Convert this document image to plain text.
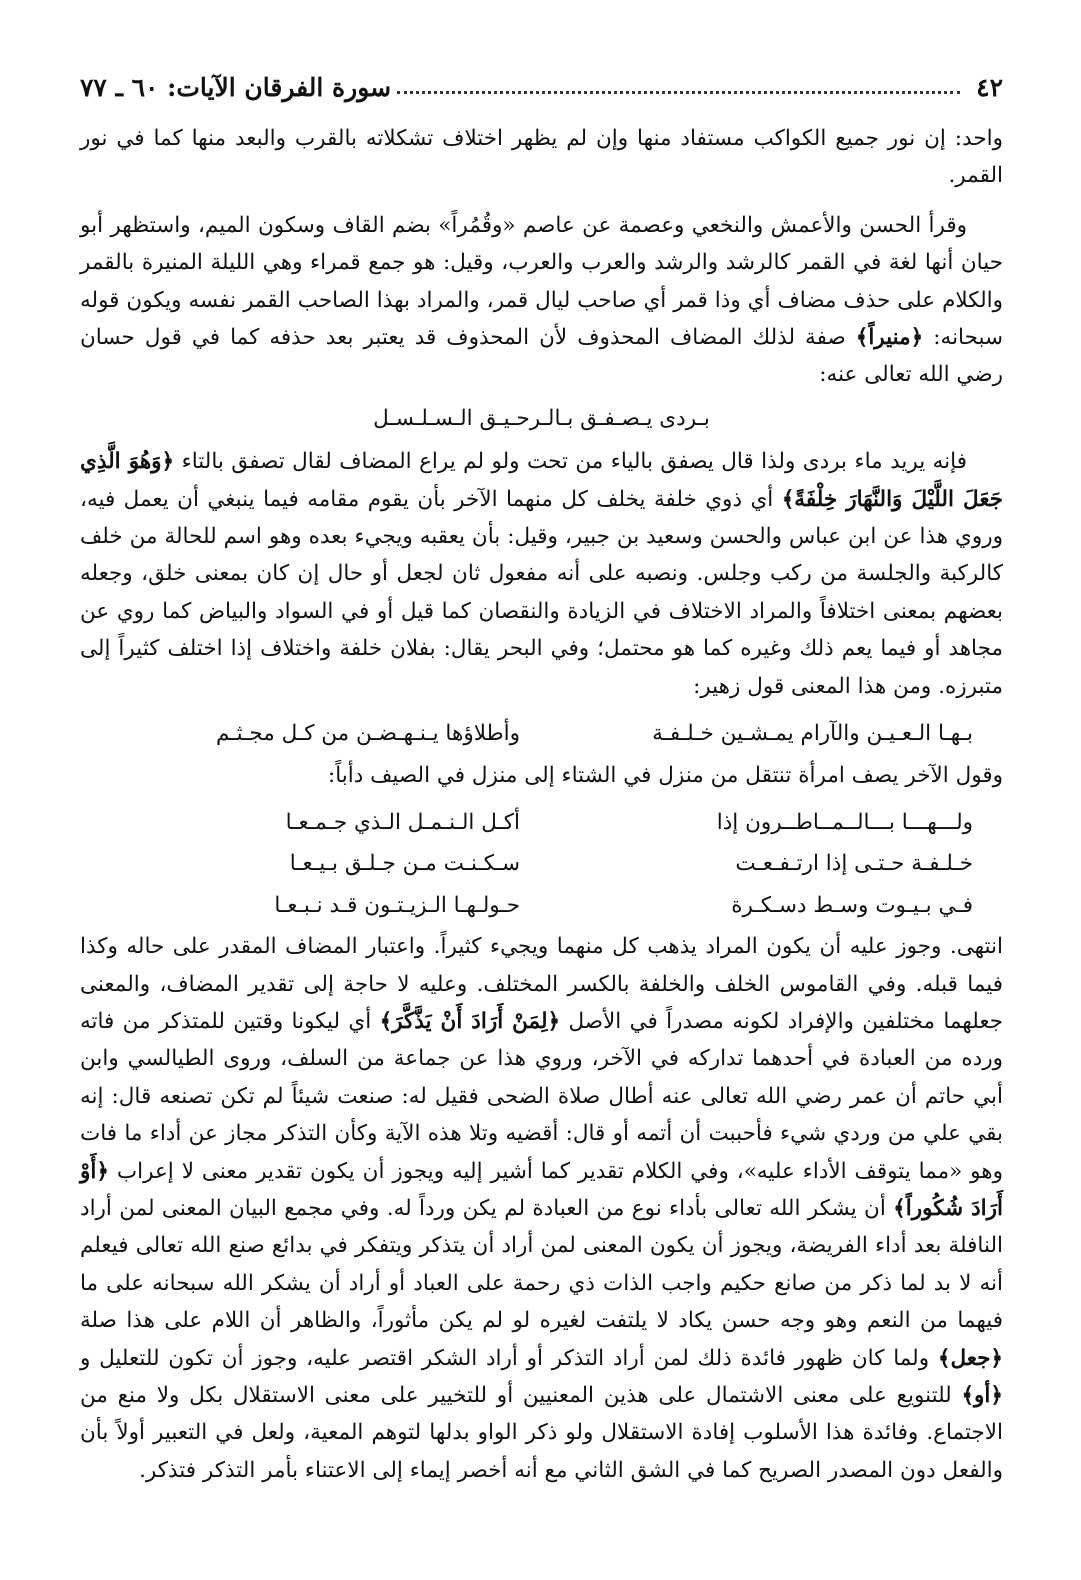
٤٢
سورة الفرقان الآيات: ٦٠ ـ ٧٧

واحد: إن نور جميع الكواكب مستفاد منها وإن لم يظهر اختلاف تشكلاته بالقرب والبعد منها كما في نور القمر.

وقرأ الحسن والأعمش والنخعي وعصمة عن عاصم «وقُمُراً» بضم القاف وسكون الميم، واستظهر أبو حيان أنها لغة في القمر كالرشد والرشد والعرب والعرب، وقيل: هو جمع قمراء وهي الليلة المنيرة بالقمر والكلام على حذف مضاف أي وذا قمر أي صاحب ليال قمر، والمراد بهذا الصاحب القمر نفسه ويكون قوله سبحانه: ﴿منيراً﴾ صفة لذلك المضاف المحذوف لأن المحذوف قد يعتبر بعد حذفه كما في قول حسان رضي الله تعالى عنه:

بـردى يـصـفـق بـالـرحـيـق الـسـلـسـل

فإنه يريد ماء بردى ولذا قال يصفق بالياء من تحت ولو لم يراع المضاف لقال تصفق بالتاء ﴿وَهُوَ الَّذِي جَعَلَ اللَّيْلَ وَالنَّهَارَ خِلْفَةً﴾ أي ذوي خلفة يخلف كل منهما الآخر بأن يقوم مقامه فيما ينبغي أن يعمل فيه، وروي هذا عن ابن عباس والحسن وسعيد بن جبير، وقيل: بأن يعقبه ويجيء بعده وهو اسم للحالة من خلف كالركبة والجلسة من ركب وجلس. ونصبه على أنه مفعول ثان لجعل أو حال إن كان بمعنى خلق، وجعله بعضهم بمعنى اختلافاً والمراد الاختلاف في الزيادة والنقصان كما قيل أو في السواد والبياض كما روي عن مجاهد أو فيما يعم ذلك وغيره كما هو محتمل؛ وفي البحر يقال: بفلان خلفة واختلاف إذا اختلف كثيراً إلى متبرزه. ومن هذا المعنى قول زهير:

بـهـا الـعـيـن والآرام يمـشـين خـلـفـة
وأطلاؤها يـنـهـضـن من كـل مجـثـم

وقول الآخر يصف امرأة تنتقل من منزل في الشتاء إلى منزل في الصيف دأباً:

ولـــهـــا بـــالــمــاطــرون إذا
أكـل الـنـمـل الـذي جـمـعـا
خـلـفـة حـتـى إذا ارتـفـعـت
سـكـنـت مـن جـلـق بـيـعـا
فـي بـيـوت وسـط دسـكـرة
حـولـهـا الـزيـتـون قـد نـبـعـا

انتهى. وجوز عليه أن يكون المراد يذهب كل منهما ويجيء كثيراً. واعتبار المضاف المقدر على حاله وكذا فيما قبله. وفي القاموس الخلف والخلفة بالكسر المختلف. وعليه لا حاجة إلى تقدير المضاف، والمعنى جعلهما مختلفين والإفراد لكونه مصدراً في الأصل ﴿لِمَنْ أَرَادَ أَنْ يَذَّكَّرَ﴾ أي ليكونا وقتين للمتذكر من فاته ورده من العبادة في أحدهما تداركه في الآخر، وروي هذا عن جماعة من السلف، وروى الطيالسي وابن أبي حاتم أن عمر رضي الله تعالى عنه أطال صلاة الضحى فقيل له: صنعت شيئاً لم تكن تصنعه قال: إنه بقي علي من وردي شيء فأحببت أن أتمه أو قال: أقضيه وتلا هذه الآية وكأن التذكر مجاز عن أداء ما فات وهو «مما يتوقف الأداء عليه»، وفي الكلام تقدير كما أشير إليه ويجوز أن يكون تقدير معنى لا إعراب ﴿أَوْ أَرَادَ شُكُوراً﴾ أن يشكر الله تعالى بأداء نوع من العبادة لم يكن ورداً له. وفي مجمع البيان المعنى لمن أراد النافلة بعد أداء الفريضة، ويجوز أن يكون المعنى لمن أراد أن يتذكر ويتفكر في بدائع صنع الله تعالى فيعلم أنه لا بد لما ذكر من صانع حكيم واجب الذات ذي رحمة على العباد أو أراد أن يشكر الله سبحانه على ما فيهما من النعم وهو وجه حسن يكاد لا يلتفت لغيره لو لم يكن مأثوراً، والظاهر أن اللام على هذا صلة ﴿جعل﴾ ولما كان ظهور فائدة ذلك لمن أراد التذكر أو أراد الشكر اقتصر عليه، وجوز أن تكون للتعليل و ﴿أو﴾ للتنويع على معنى الاشتمال على هذين المعنيين أو للتخيير على معنى الاستقلال بكل ولا منع من الاجتماع. وفائدة هذا الأسلوب إفادة الاستقلال ولو ذكر الواو بدلها لتوهم المعية، ولعل في التعبير أولاً بأن والفعل دون المصدر الصريح كما في الشق الثاني مع أنه أخصر إيماء إلى الاعتناء بأمر التذكر فتذكر.
